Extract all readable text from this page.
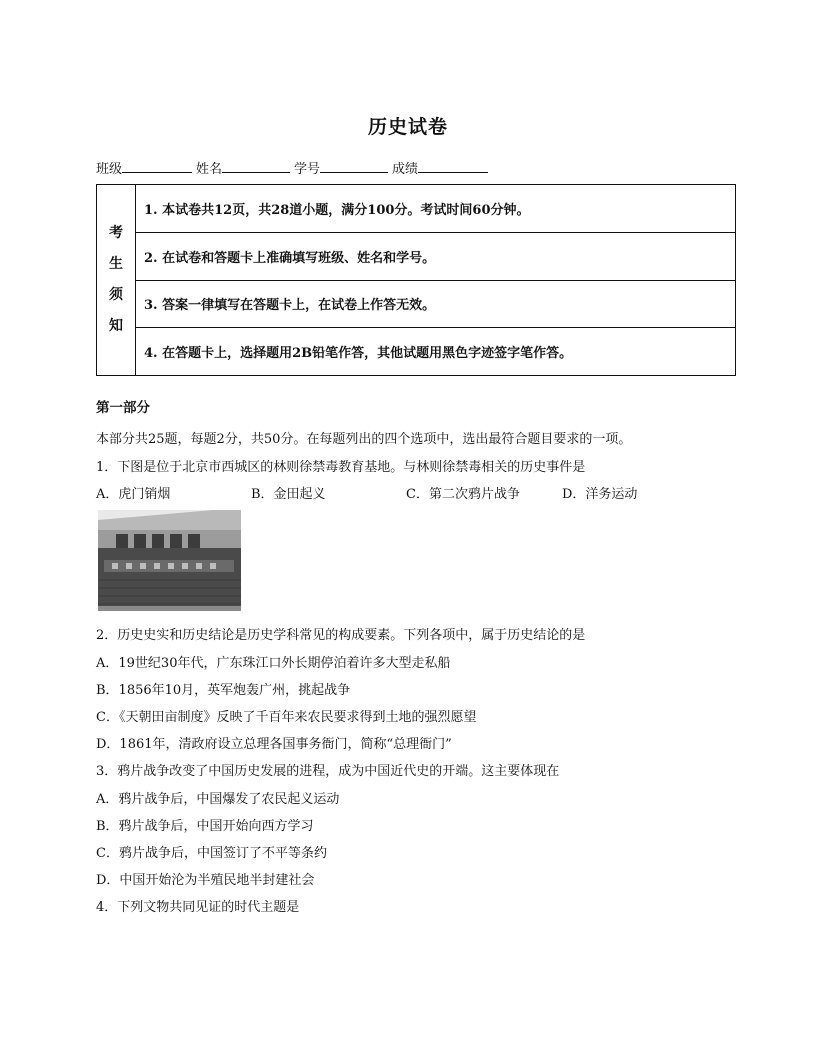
历史试卷
班级	姓名	学号	成绩
考
生
须
知
1. 本试卷共12页，共28道小题，满分100分。考试时间60分钟。
2. 在试卷和答题卡上准确填写班级、姓名和学号。
3. 答案一律填写在答题卡上，在试卷上作答无效。
4. 在答题卡上，选择题用2B铅笔作答，其他试题用黑色字迹签字笔作答。
第一部分
本部分共25题，每题2分，共50分。在每题列出的四个选项中，选出最符合题目要求的一项。
1．下图是位于北京市西城区的林则徐禁毒教育基地。与林则徐禁毒相关的历史事件是
A．虎门销烟	B．金田起义	C．第二次鸦片战争	D．洋务运动
2．历史史实和历史结论是历史学科常见的构成要素。下列各项中，属于历史结论的是
A．19世纪30年代，广东珠江口外长期停泊着许多大型走私船
B．1856年10月，英军炮轰广州，挑起战争
C．《天朝田亩制度》反映了千百年来农民要求得到土地的强烈愿望
D．1861年，清政府设立总理各国事务衙门，简称“总理衙门”
3．鸦片战争改变了中国历史发展的进程，成为中国近代史的开端。这主要体现在
A．鸦片战争后，中国爆发了农民起义运动
B．鸦片战争后，中国开始向西方学习
C．鸦片战争后，中国签订了不平等条约
D．中国开始沦为半殖民地半封建社会
4．下列文物共同见证的时代主题是
